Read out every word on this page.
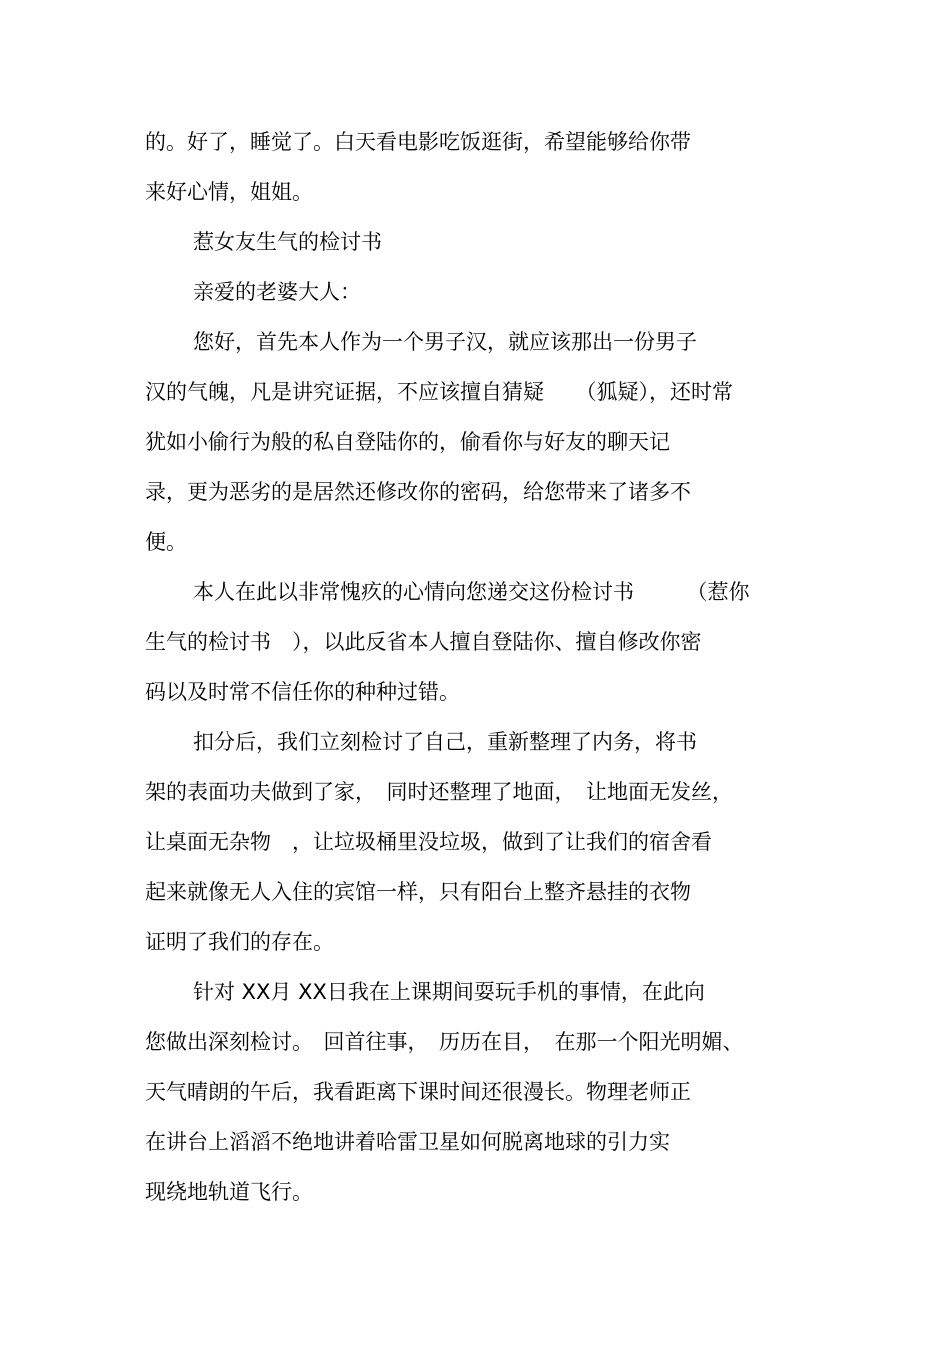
的。好了，睡觉了。白天看电影吃饭逛街，希望能够给你带

来好心情，姐姐。

惹女友生气的检讨书

亲爱的老婆大人：

您好，首先本人作为一个男子汉，就应该那出一份男子

汉的气魄，凡是讲究证据，不应该擅自猜疑　　（狐疑），还时常

犹如小偷行为般的私自登陆你的，偷看你与好友的聊天记

录，更为恶劣的是居然还修改你的密码，给您带来了诸多不

便。

本人在此以非常愧疚的心情向您递交这份检讨书　　　（惹你

生气的检讨书　），以此反省本人擅自登陆你、擅自修改你密

码以及时常不信任你的种种过错。

扣分后，我们立刻检讨了自己，重新整理了内务，将书

架的表面功夫做到了家，　同时还整理了地面，　让地面无发丝，

让桌面无杂物　，让垃圾桶里没垃圾，做到了让我们的宿舍看

起来就像无人入住的宾馆一样，只有阳台上整齐悬挂的衣物

证明了我们的存在。

针对 XX月 XX日我在上课期间耍玩手机的事情，在此向

您做出深刻检讨。　回首往事，　历历在目，　在那一个阳光明媚、

天气晴朗的午后，我看距离下课时间还很漫长。物理老师正

在讲台上滔滔不绝地讲着哈雷卫星如何脱离地球的引力实

现绕地轨道飞行。
